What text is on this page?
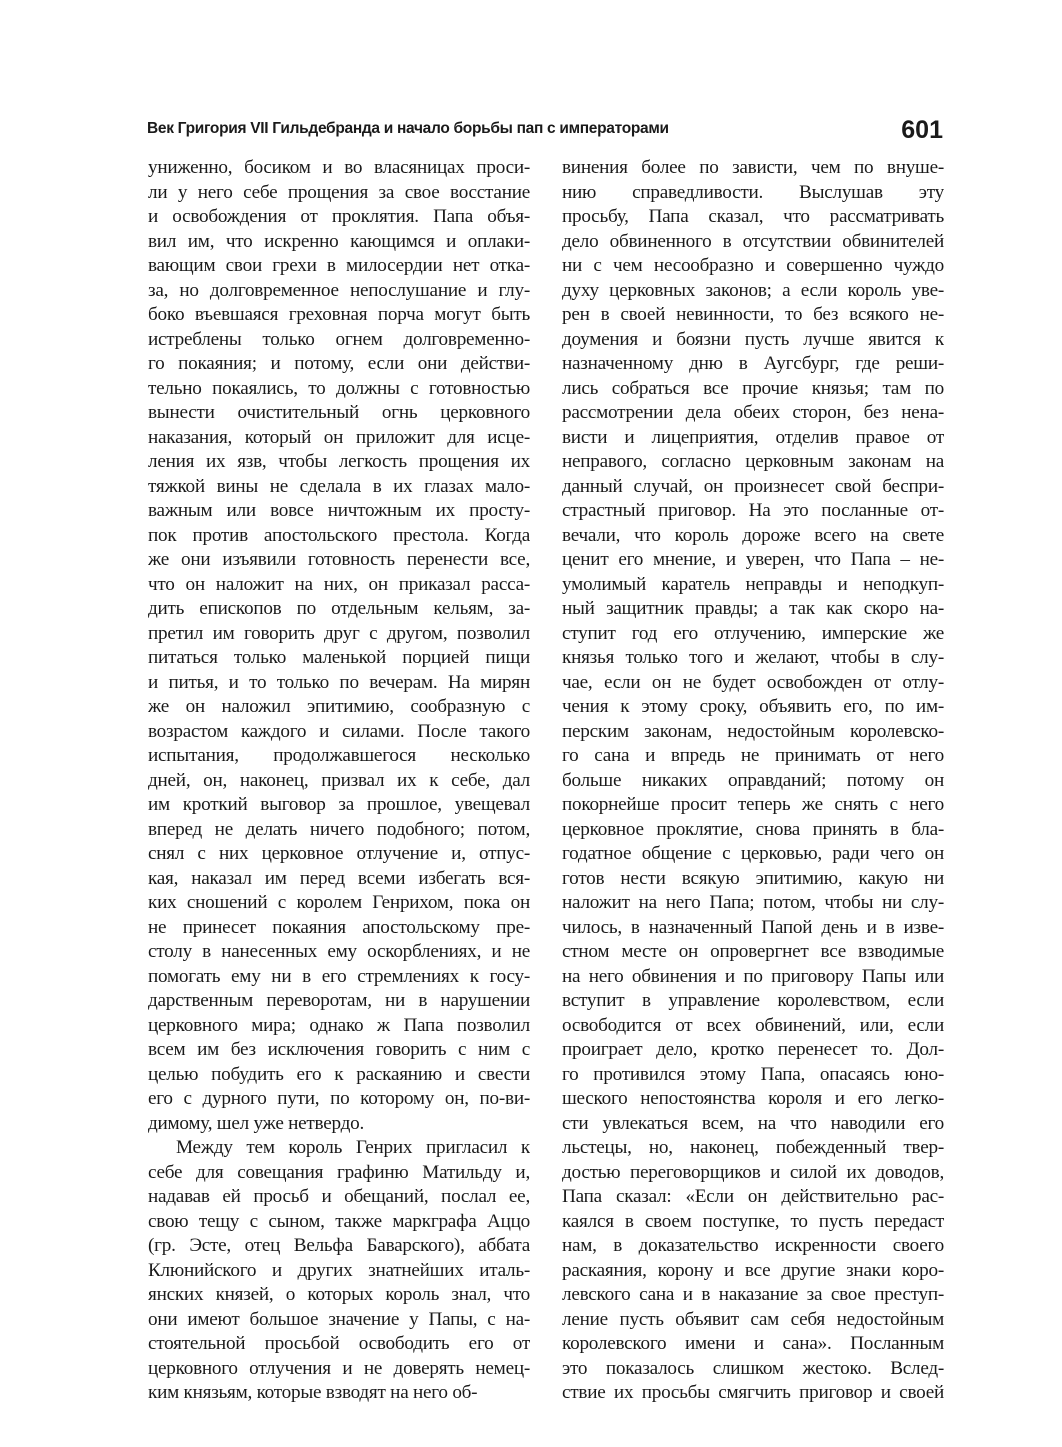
Век Григория VII Гильдебранда и начало борьбы пап с императорами	601
униженно, босиком и во власяницах проси-
ли у него себе прощения за свое восстание
и освобождения от проклятия. Папа объя-
вил им, что искренно кающимся и оплаки-
вающим свои грехи в милосердии нет отка-
за, но долговременное непослушание и глу-
боко въевшаяся греховная порча могут быть
истреблены только огнем долговременно-
го покаяния; и потому, если они действи-
тельно покаялись, то должны с готовностью
вынести очистительный огнь церковного
наказания, который он приложит для исце-
ления их язв, чтобы легкость прощения их
тяжкой вины не сделала в их глазах мало-
важным или вовсе ничтожным их просту-
пок против апостольского престола. Когда
же они изъявили готовность перенести все,
что он наложит на них, он приказал расса-
дить епископов по отдельным кельям, за-
претил им говорить друг с другом, позволил
питаться только маленькой порцией пищи
и питья, и то только по вечерам. На мирян
же он наложил эпитимию, сообразную с
возрастом каждого и силами. После такого
испытания, продолжавшегося несколько
дней, он, наконец, призвал их к себе, дал
им кроткий выговор за прошлое, увещевал
вперед не делать ничего подобного; потом,
снял с них церковное отлучение и, отпус-
кая, наказал им перед всеми избегать вся-
ких сношений с королем Генрихом, пока он
не принесет покаяния апостольскому пре-
столу в нанесенных ему оскорблениях, и не
помогать ему ни в его стремлениях к госу-
дарственным переворотам, ни в нарушении
церковного мира; однако ж Папа позволил
всем им без исключения говорить с ним с
целью побудить его к раскаянию и свести
его с дурного пути, по которому он, по-ви-
димому, шел уже нетвердо.
Между тем король Генрих пригласил к
себе для совещания графиню Матильду и,
надавав ей просьб и обещаний, послал ее,
свою тещу с сыном, также маркграфа Аццо
(гр. Эсте, отец Вельфа Баварского), аббата
Клюнийского и других знатнейших италь-
янских князей, о которых король знал, что
они имеют большое значение у Папы, с на-
стоятельной просьбой освободить его от
церковного отлучения и не доверять немец-
ким князьям, которые взводят на него об-
винения более по зависти, чем по внуше-
нию справедливости. Выслушав эту
просьбу, Папа сказал, что рассматривать
дело обвиненного в отсутствии обвинителей
ни с чем несообразно и совершенно чуждо
духу церковных законов; а если король уве-
рен в своей невинности, то без всякого не-
доумения и боязни пусть лучше явится к
назначенному дню в Аугсбург, где реши-
лись собраться все прочие князья; там по
рассмотрении дела обеих сторон, без нена-
висти и лицеприятия, отделив правое от
неправого, согласно церковным законам на
данный случай, он произнесет свой беспри-
страстный приговор. На это посланные от-
вечали, что король дороже всего на свете
ценит его мнение, и уверен, что Папа – не-
умолимый каратель неправды и неподкуп-
ный защитник правды; а так как скоро на-
ступит год его отлучению, имперские же
князья только того и желают, чтобы в слу-
чае, если он не будет освобожден от отлу-
чения к этому сроку, объявить его, по им-
перским законам, недостойным королевско-
го сана и впредь не принимать от него
больше никаких оправданий; потому он
покорнейше просит теперь же снять с него
церковное проклятие, снова принять в бла-
годатное общение с церковью, ради чего он
готов нести всякую эпитимию, какую ни
наложит на него Папа; потом, чтобы ни слу-
чилось, в назначенный Папой день и в изве-
стном месте он опровергнет все взводимые
на него обвинения и по приговору Папы или
вступит в управление королевством, если
освободится от всех обвинений, или, если
проиграет дело, кротко перенесет то. Дол-
го противился этому Папа, опасаясь юно-
шеского непостоянства короля и его легко-
сти увлекаться всем, на что наводили его
льстецы, но, наконец, побежденный твер-
достью переговорщиков и силой их доводов,
Папа сказал: «Если он действительно рас-
каялся в своем поступке, то пусть передаст
нам, в доказательство искренности своего
раскаяния, корону и все другие знаки коро-
левского сана и в наказание за свое преступ-
ление пусть объявит сам себя недостойным
королевского имени и сана». Посланным
это показалось слишком жестоко. Вслед-
ствие их просьбы смягчить приговор и своей
